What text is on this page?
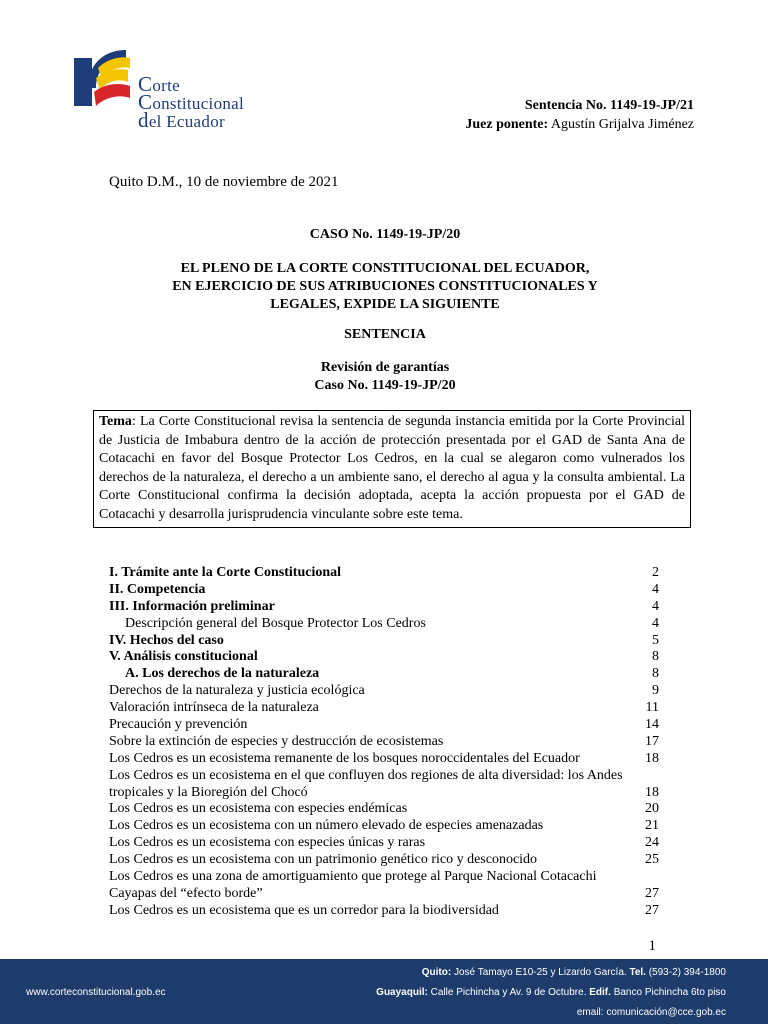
Corte
Constitucional
del Ecuador
Sentencia No. 1149-19-JP/21
Juez ponente: Agustín Grijalva Jiménez
Quito D.M., 10 de noviembre de 2021
CASO No. 1149-19-JP/20
EL PLENO DE LA CORTE CONSTITUCIONAL DEL ECUADOR,
EN EJERCICIO DE SUS ATRIBUCIONES CONSTITUCIONALES Y
LEGALES, EXPIDE LA SIGUIENTE
SENTENCIA
Revisión de garantías
Caso No. 1149-19-JP/20
Tema: La Corte Constitucional revisa la sentencia de segunda instancia emitida por la Corte Provincial de Justicia de Imbabura dentro de la acción de protección presentada por el GAD de Santa Ana de Cotacachi en favor del Bosque Protector Los Cedros, en la cual se alegaron como vulnerados los derechos de la naturaleza, el derecho a un ambiente sano, el derecho al agua y la consulta ambiental. La Corte Constitucional confirma la decisión adoptada, acepta la acción propuesta por el GAD de Cotacachi y desarrolla jurisprudencia vinculante sobre este tema.
I. Trámite ante la Corte Constitucional	2
II. Competencia	4
III. Información preliminar	4
Descripción general del Bosque Protector Los Cedros	4
IV. Hechos del caso	5
V. Análisis constitucional	8
A. Los derechos de la naturaleza	8
Derechos de la naturaleza y justicia ecológica	9
Valoración intrínseca de la naturaleza	11
Precaución y prevención	14
Sobre la extinción de especies y destrucción de ecosistemas	17
Los Cedros es un ecosistema remanente de los bosques noroccidentales del Ecuador	18
Los Cedros es un ecosistema en el que confluyen dos regiones de alta diversidad: los Andes tropicales y la Bioregión del Chocó	18
Los Cedros es un ecosistema con especies endémicas	20
Los Cedros es un ecosistema con un número elevado de especies amenazadas	21
Los Cedros es un ecosistema con especies únicas y raras	24
Los Cedros es un ecosistema con un patrimonio genético rico y desconocido	25
Los Cedros es una zona de amortiguamiento que protege al Parque Nacional Cotacachi Cayapas del “efecto borde”	27
Los Cedros es un ecosistema que es un corredor para la biodiversidad	27
1
www.corteconstitucional.gob.ec
Quito: José Tamayo E10-25 y Lizardo García. Tel. (593-2) 394-1800
Guayaquil: Calle Pichincha y Av. 9 de Octubre. Edif. Banco Pichincha 6to piso
email: comunicación@cce.gob.ec
